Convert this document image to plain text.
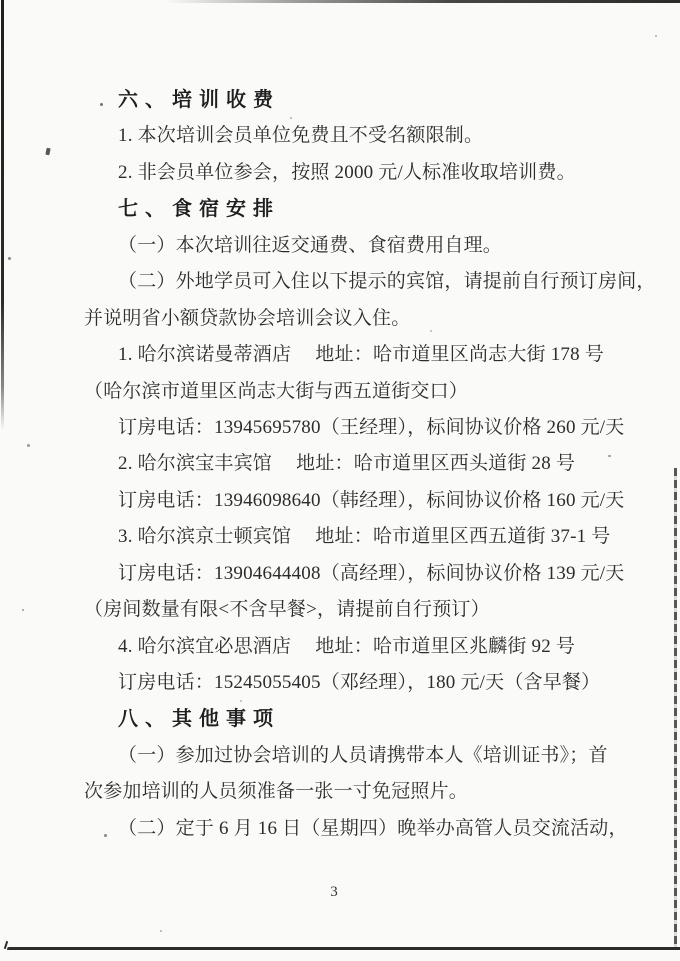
六、培训收费
1. 本次培训会员单位免费且不受名额限制。
2. 非会员单位参会，按照 2000 元/人标准收取培训费。
七、食宿安排
（一）本次培训往返交通费、食宿费用自理。
（二）外地学员可入住以下提示的宾馆，请提前自行预订房间，
并说明省小额贷款协会培训会议入住。
1. 哈尔滨诺曼蒂酒店　 地址：哈市道里区尚志大街 178 号
（哈尔滨市道里区尚志大街与西五道街交口）
订房电话：13945695780（王经理），标间协议价格 260 元/天
2. 哈尔滨宝丰宾馆　 地址：哈市道里区西头道街 28 号
订房电话：13946098640（韩经理），标间协议价格 160 元/天
3. 哈尔滨京士顿宾馆　 地址：哈市道里区西五道街 37-1 号
订房电话：13904644408（高经理），标间协议价格 139 元/天
（房间数量有限<不含早餐>，请提前自行预订）
4. 哈尔滨宜必思酒店　 地址：哈市道里区兆麟街 92 号
订房电话：15245055405（邓经理），180 元/天（含早餐）
八、其他事项
（一）参加过协会培训的人员请携带本人《培训证书》；首
次参加培训的人员须准备一张一寸免冠照片。
（二）定于 6 月 16 日（星期四）晚举办高管人员交流活动，
3
